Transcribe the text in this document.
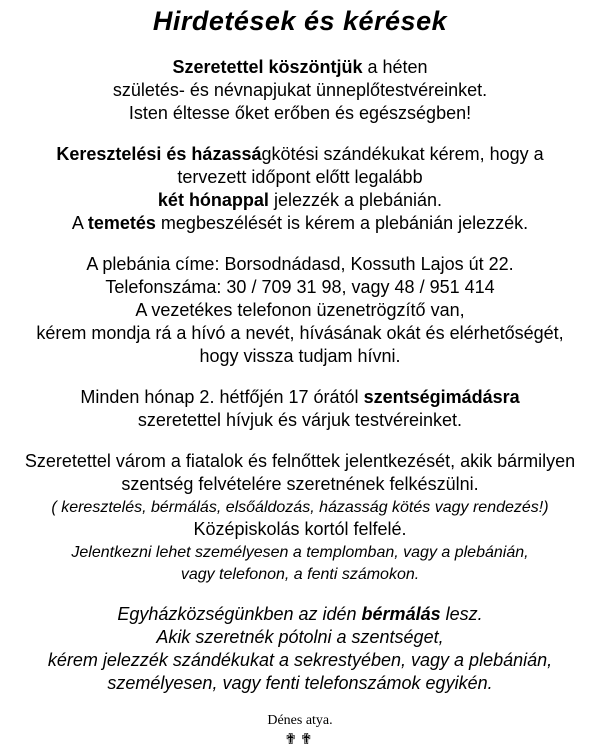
Hirdetések és kérések
Szeretettel köszöntjük a héten
születés- és névnapjukat ünneplőtestvéreinket.
Isten éltesse őket erőben és egészségben!
Keresztelési és házasságkötési szándékukat kérem, hogy a
tervezett időpont előtt legalább
két hónappal jelezzék a plebánián.
A temetés megbeszélését is kérem a plebánián jelezzék.
A plebánia címe: Borsodnádasd, Kossuth Lajos út 22.
Telefonszáma: 30 / 709 31 98, vagy 48 / 951 414
A vezetékes telefonon üzenetrögzítő van,
kérem mondja rá a hívó a nevét, hívásának okát és elérhetőségét,
hogy vissza tudjam hívni.
Minden hónap 2. hétfőjén 17 órától szentségimádásra
szeretettel hívjuk és várjuk testvéreinket.
Szeretettel várom a fiatalok és felnőttek jelentkezését, akik bármilyen
szentség felvételére szeretnének felkészülni.
( keresztelés, bérmálás, elsőáldozás, házasság kötés vagy rendezés!)
Középiskolás kortól felfelé.
Jelentkezni lehet személyesen a templomban, vagy a plebánián,
vagy telefonon, a fenti számokon.
Egyházközségünkben az idén bérmálás lesz.
Akik szeretnék pótolni a szentséget,
kérem jelezzék szándékukat a sekrestyében, vagy a plebánián,
személyesen, vagy fenti telefonszámok egyikén.
Dénes atya.
✟✟
